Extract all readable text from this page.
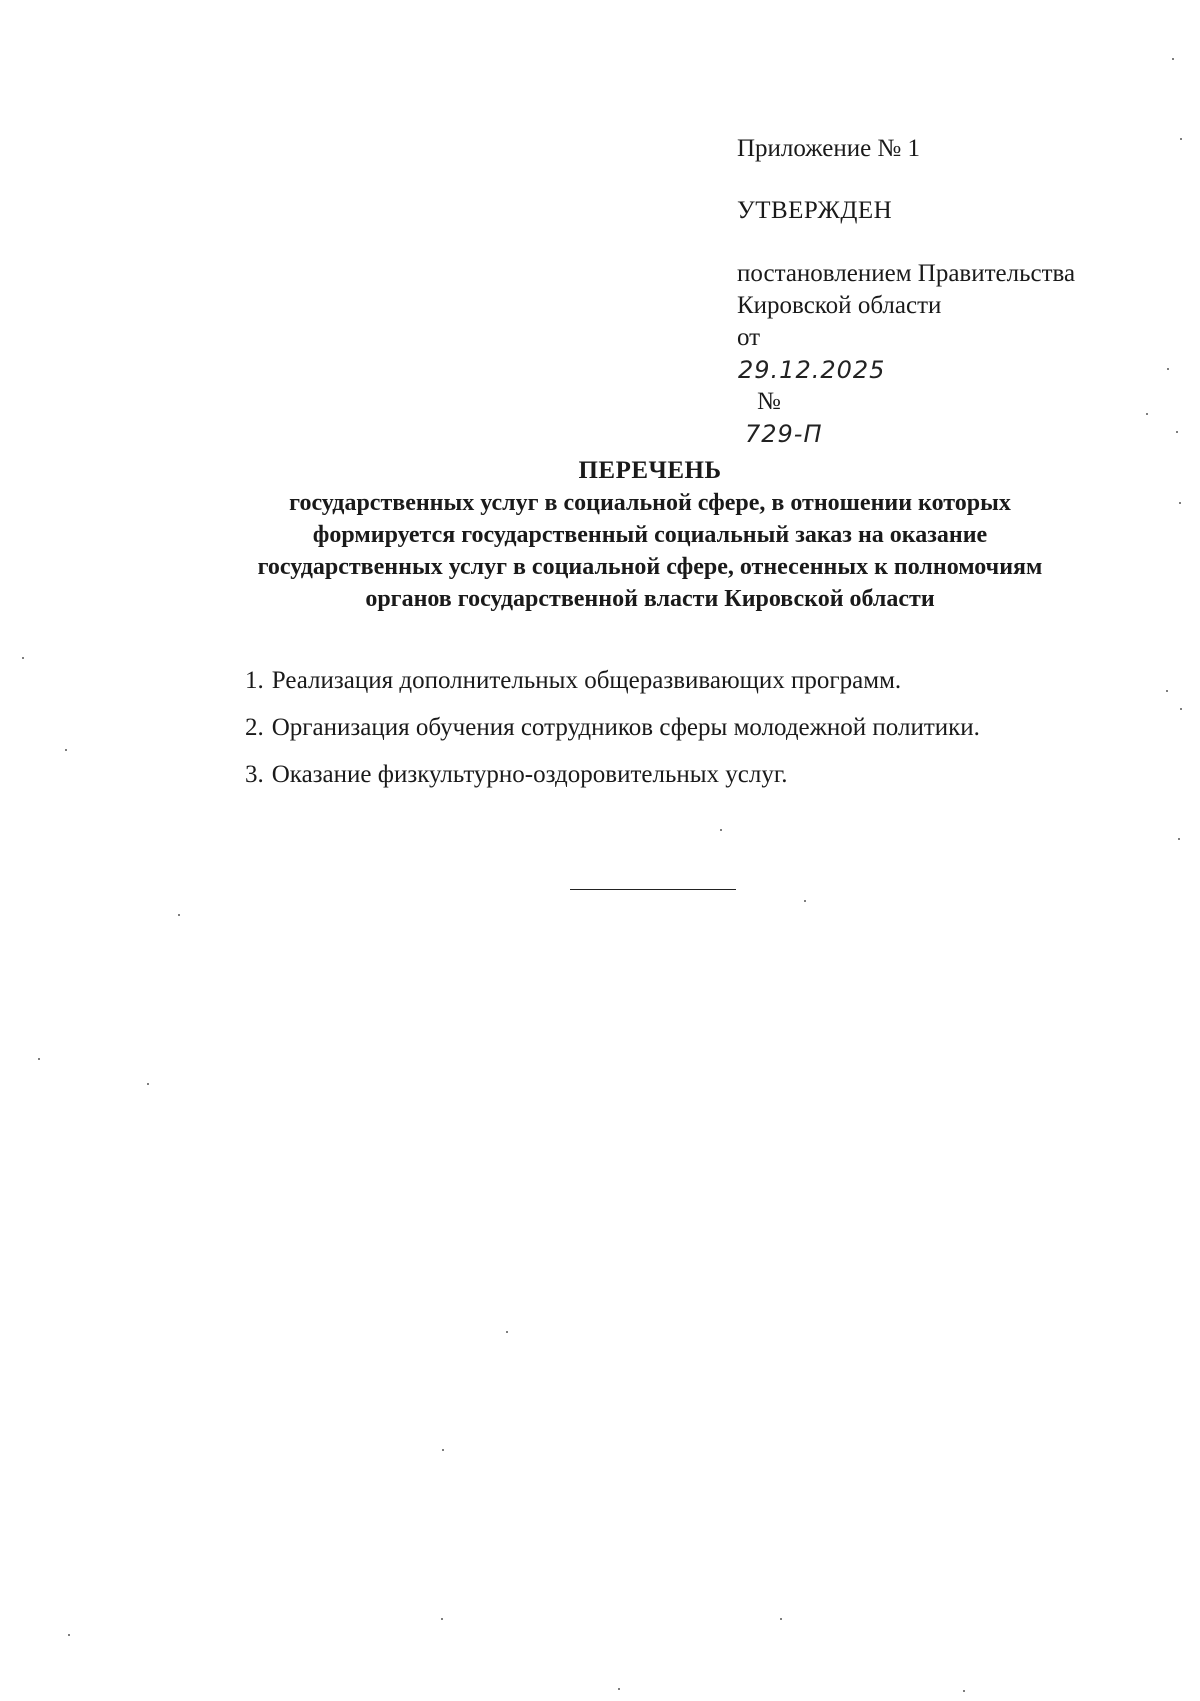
Приложение № 1

УТВЕРЖДЕН

постановлением Правительства
Кировской области
от
29.12.2025
№
729-П

ПЕРЕЧЕНЬ
государственных услуг в социальной сфере, в отношении которых
формируется государственный социальный заказ на оказание
государственных услуг в социальной сфере, отнесенных к полномочиям
органов государственной власти Кировской области
1. Реализация дополнительных общеразвивающих программ.
2. Организация обучения сотрудников сферы молодежной политики.
3. Оказание физкультурно-оздоровительных услуг.
